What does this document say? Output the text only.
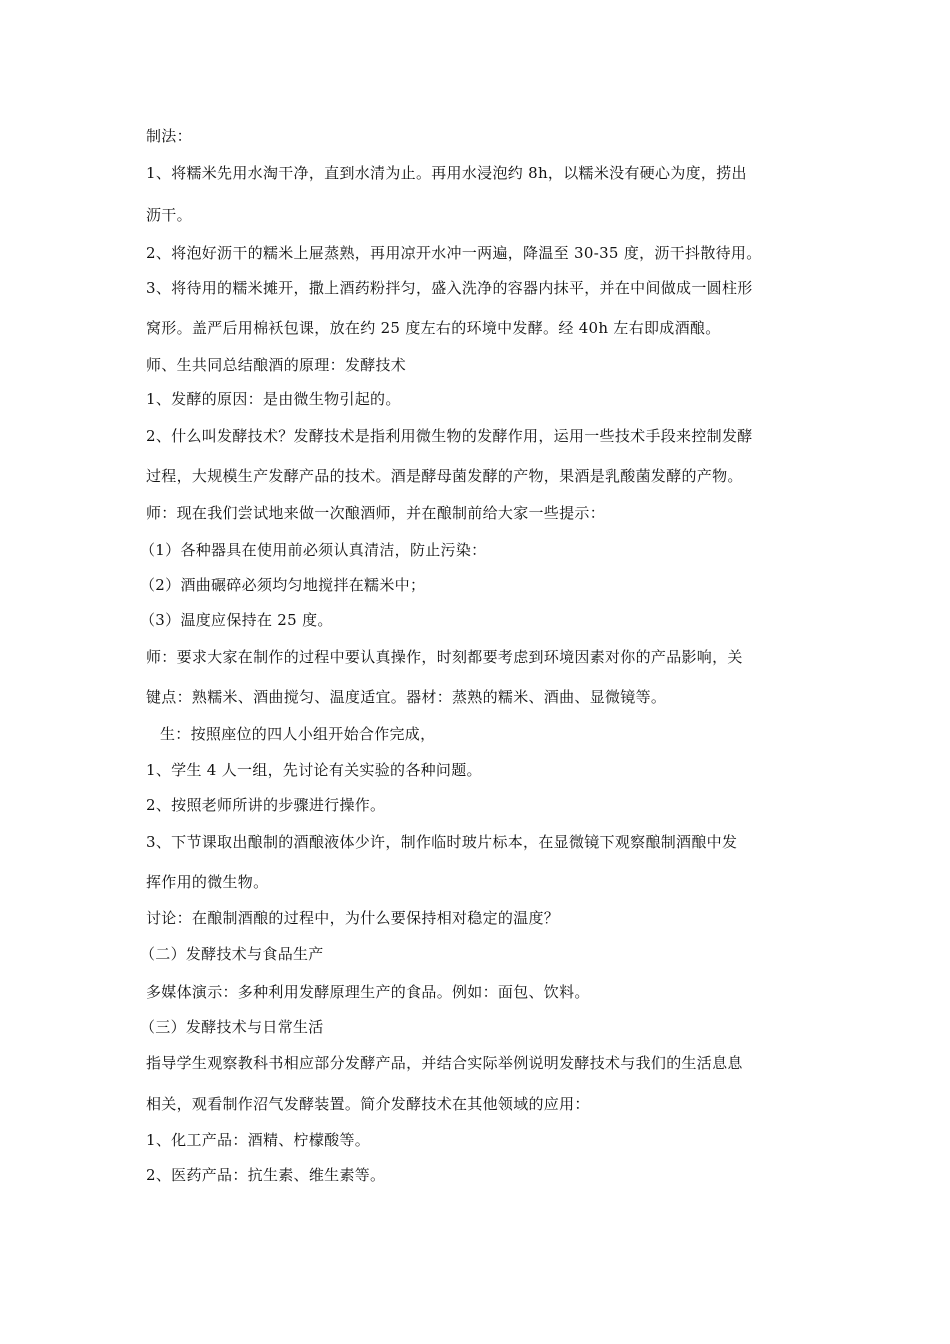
制法：
1、将糯米先用水淘干净，直到水清为止。再用水浸泡约 8h，以糯米没有硬心为度，捞出
沥干。
2、将泡好沥干的糯米上屉蒸熟，再用凉开水冲一两遍，降温至 30-35 度，沥干抖散待用。
3、将待用的糯米摊开，撒上酒药粉拌匀，盛入洗净的容器内抹平，并在中间做成一圆柱形
窝形。盖严后用棉袄包课，放在约 25 度左右的环境中发酵。经 40h 左右即成酒酿。
师、生共同总结酿酒的原理：发酵技术
1、发酵的原因：是由微生物引起的。
2、什么叫发酵技术？发酵技术是指利用微生物的发酵作用，运用一些技术手段来控制发酵
过程，大规模生产发酵产品的技术。酒是酵母菌发酵的产物，果酒是乳酸菌发酵的产物。
师：现在我们尝试地来做一次酿酒师，并在酿制前给大家一些提示：
（1）各种器具在使用前必须认真清洁，防止污染：
（2）酒曲碾碎必须均匀地搅拌在糯米中；
（3）温度应保持在 25 度。
师：要求大家在制作的过程中要认真操作，时刻都要考虑到环境因素对你的产品影响，关
键点：熟糯米、酒曲搅匀、温度适宜。器材：蒸熟的糯米、酒曲、显微镜等。
生：按照座位的四人小组开始合作完成，
1、学生 4 人一组，先讨论有关实验的各种问题。
2、按照老师所讲的步骤进行操作。
3、下节课取出酿制的酒酿液体少许，制作临时玻片标本，在显微镜下观察酿制酒酿中发
挥作用的微生物。
讨论：在酿制酒酿的过程中，为什么要保持相对稳定的温度？
（二）发酵技术与食品生产
多媒体演示：多种利用发酵原理生产的食品。例如：面包、饮料。
（三）发酵技术与日常生活
指导学生观察教科书相应部分发酵产品，并结合实际举例说明发酵技术与我们的生活息息
相关，观看制作沼气发酵装置。简介发酵技术在其他领域的应用：
1、化工产品：酒精、柠檬酸等。
2、医药产品：抗生素、维生素等。
